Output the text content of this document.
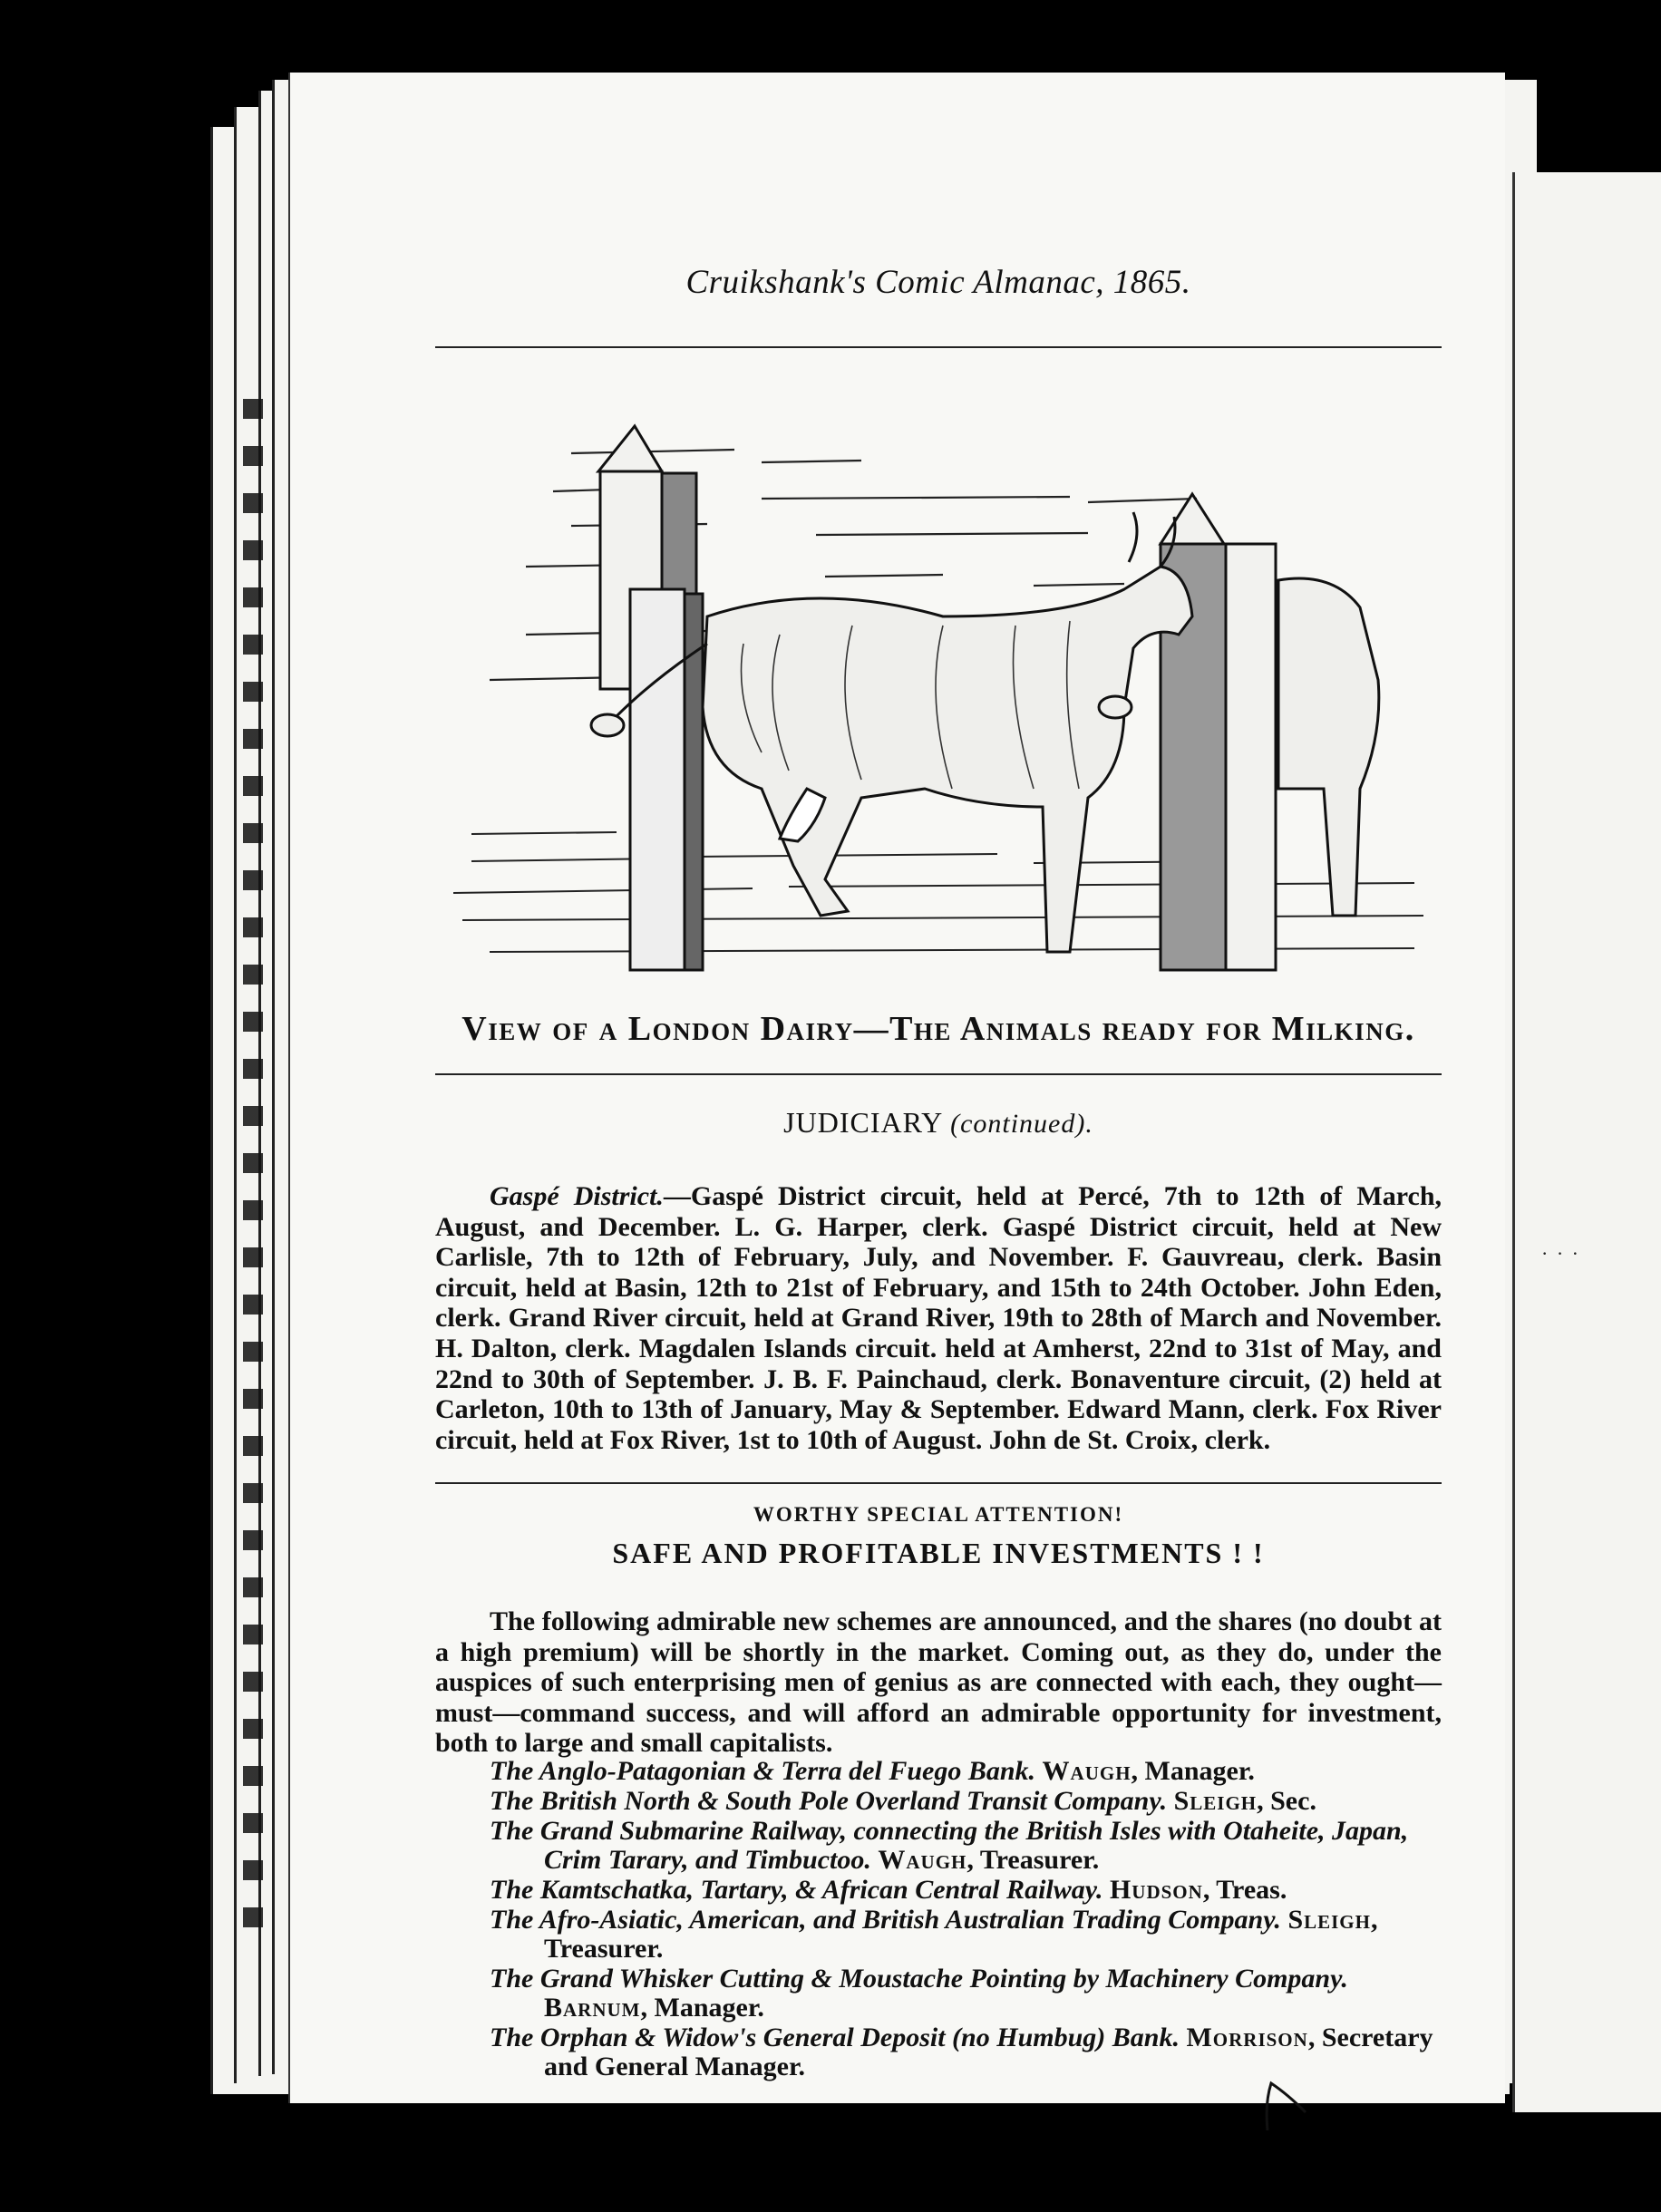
· · ·
Cruikshank's Comic Almanac, 1865.
View of a London Dairy—The Animals ready for Milking.
JUDICIARY (continued).

Gaspé District.—Gaspé District circuit, held at Percé, 7th to 12th of March, August, and December. L. G. Harper, clerk. Gaspé District circuit, held at New Carlisle, 7th to 12th of February, July, and November. F. Gauvreau, clerk. Basin circuit, held at Basin, 12th to 21st of February, and 15th to 24th October. John Eden, clerk. Grand River circuit, held at Grand River, 19th to 28th of March and November. H. Dalton, clerk. Magdalen Islands circuit. held at Amherst, 22nd to 31st of May, and 22nd to 30th of September. J. B. F. Painchaud, clerk. Bonaventure circuit, (2) held at Carleton, 10th to 13th of January, May & September. Edward Mann, clerk. Fox River circuit, held at Fox River, 1st to 10th of August. John de St. Croix, clerk.

WORTHY SPECIAL ATTENTION!
SAFE AND PROFITABLE INVESTMENTS ! !

The following admirable new schemes are announced, and the shares (no doubt at a high premium) will be shortly in the market. Coming out, as they do, under the auspices of such enterprising men of genius as are connected with each, they ought—must—command success, and will afford an admirable opportunity for investment, both to large and small capitalists.

The Anglo-Patagonian & Terra del Fuego Bank. Waugh, Manager.
The British North & South Pole Overland Transit Company. Sleigh, Sec.
The Grand Submarine Railway, connecting the British Isles with Otaheite, Japan, Crim Tarary, and Timbuctoo. Waugh, Treasurer.
The Kamtschatka, Tartary, & African Central Railway. Hudson, Treas.
The Afro-Asiatic, American, and British Australian Trading Company. Sleigh, Treasurer.
The Grand Whisker Cutting & Moustache Pointing by Machinery Company. Barnum, Manager.
The Orphan & Widow's General Deposit (no Humbug) Bank. Morrison, Secretary and General Manager.
